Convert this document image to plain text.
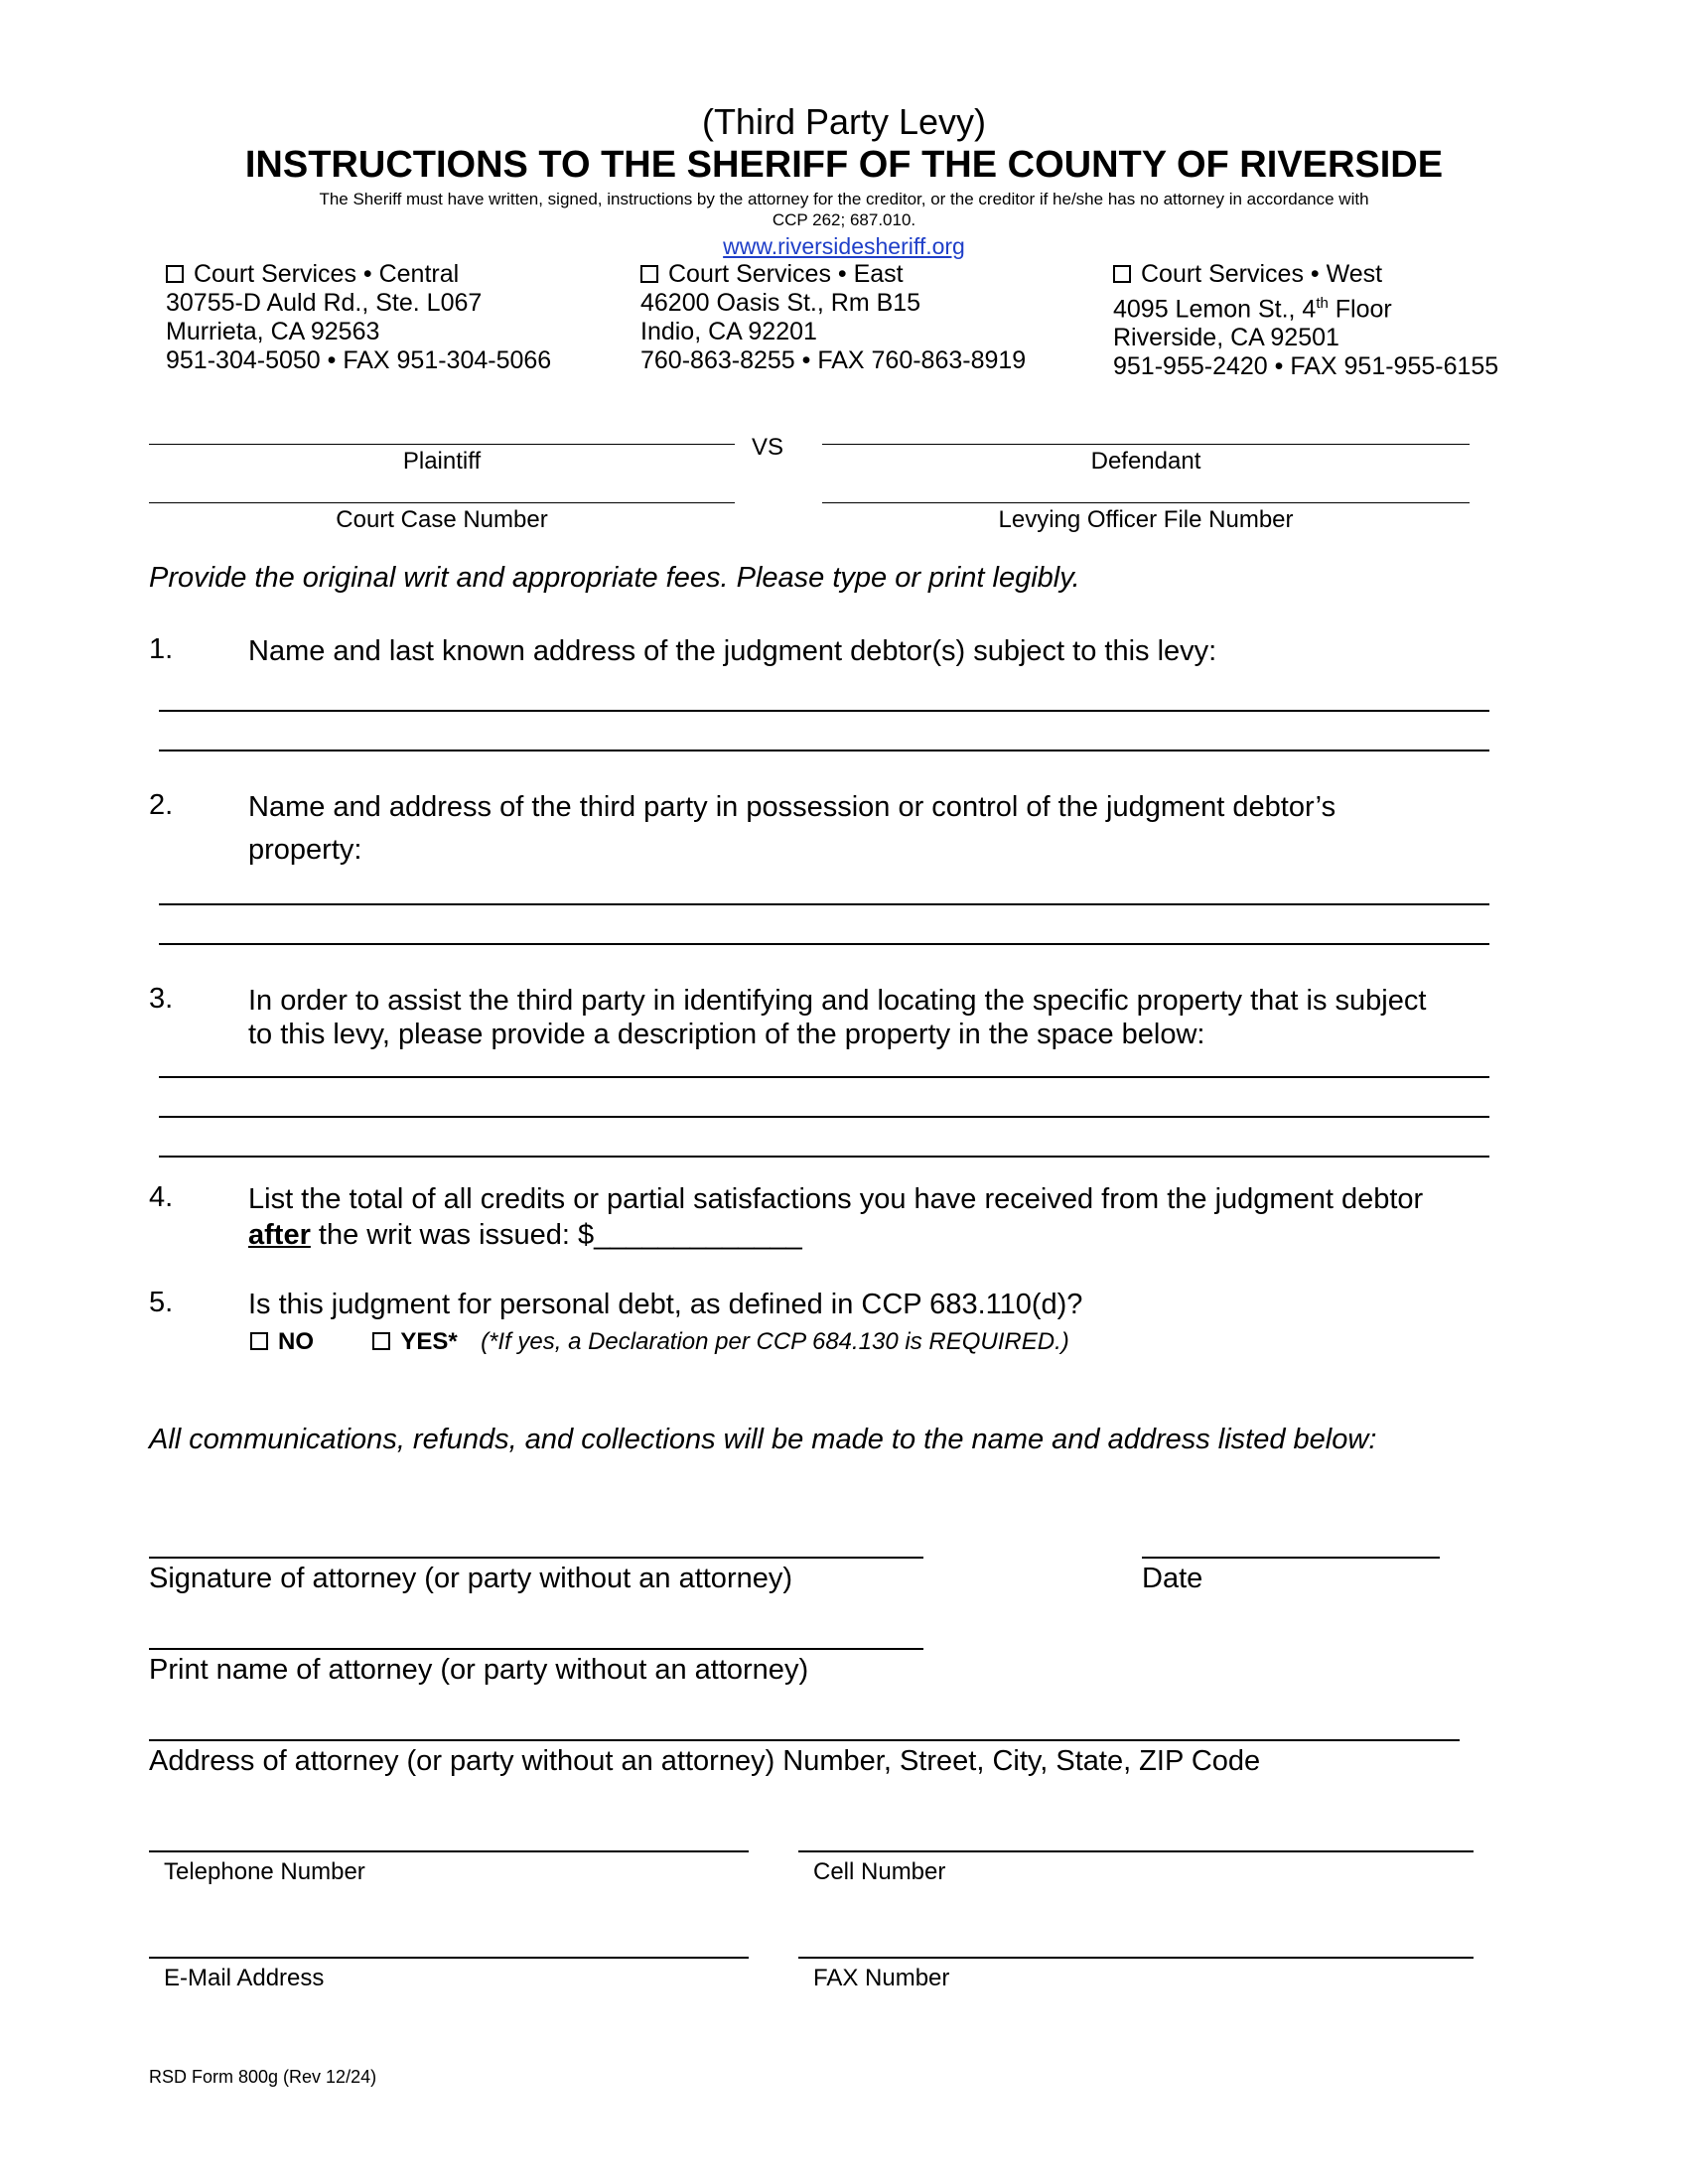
(Third Party Levy)
INSTRUCTIONS TO THE SHERIFF OF THE COUNTY OF RIVERSIDE
The Sheriff must have written, signed, instructions by the attorney for the creditor, or the creditor if he/she has no attorney in accordance with
CCP 262; 687.010.
www.riversidesheriff.org
Court Services • Central
30755-D Auld Rd., Ste. L067
Murrieta, CA 92563
951-304-5050 • FAX 951-304-5066
Court Services • East
46200 Oasis St., Rm B15
Indio, CA 92201
760-863-8255 • FAX 760-863-8919
Court Services • West
4095 Lemon St., 4th Floor
Riverside, CA 92501
951-955-2420 • FAX 951-955-6155
Plaintiff
VS
Defendant
Court Case Number	Levying Officer File Number
Provide the original writ and appropriate fees. Please type or print legibly.
1.	Name and last known address of the judgment debtor(s) subject to this levy:
2.	Name and address of the third party in possession or control of the judgment debtor’s
property:
3.	In order to assist the third party in identifying and locating the specific property that is subject
to this levy, please provide a description of the property in the space below:
4.	List the total of all credits or partial satisfactions you have received from the judgment debtor
after the writ was issued: $_____________
5.	Is this judgment for personal debt, as defined in CCP 683.110(d)?
NO	YES* (*If yes, a Declaration per CCP 684.130 is REQUIRED.)
All communications, refunds, and collections will be made to the name and address listed below:
Signature of attorney (or party without an attorney)	Date
Print name of attorney (or party without an attorney)
Address of attorney (or party without an attorney) Number, Street, City, State, ZIP Code
Telephone Number	Cell Number
E-Mail Address	FAX Number
RSD Form 800g (Rev 12/24)
